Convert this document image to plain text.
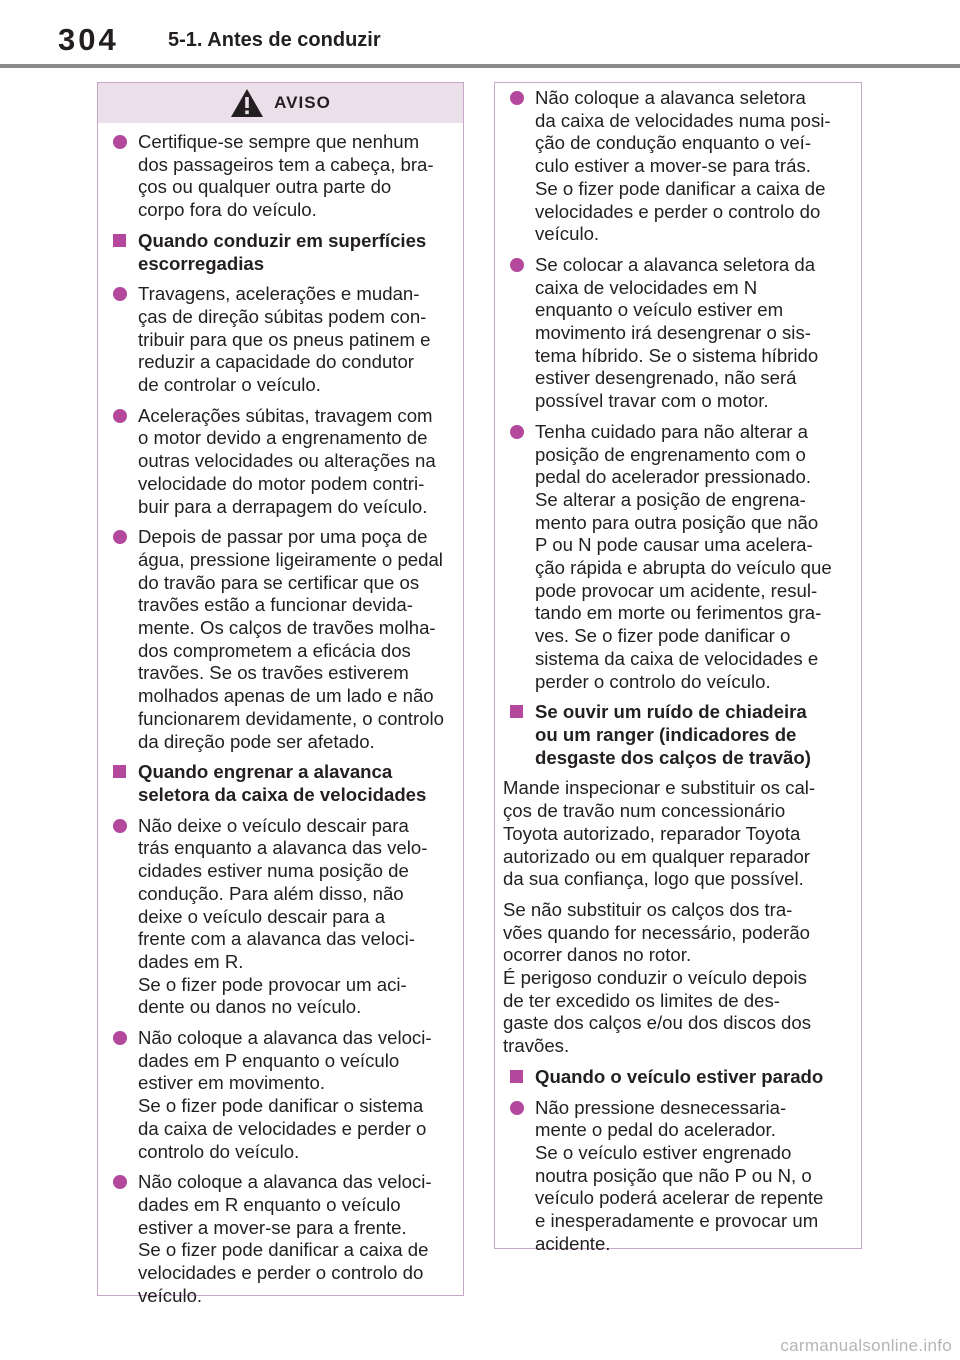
304 5-1. Antes de conduzir
AVISO
Certifique-se sempre que nenhum
dos passageiros tem a cabeça, bra-
ços ou qualquer outra parte do
corpo fora do veículo.
Quando conduzir em superfícies
escorregadias
Travagens, acelerações e mudan-
ças de direção súbitas podem con-
tribuir para que os pneus patinem e
reduzir a capacidade do condutor
de controlar o veículo.
Acelerações súbitas, travagem com
o motor devido a engrenamento de
outras velocidades ou alterações na
velocidade do motor podem contri-
buir para a derrapagem do veículo.
Depois de passar por uma poça de
água, pressione ligeiramente o pedal
do travão para se certificar que os
travões estão a funcionar devida-
mente. Os calços de travões molha-
dos comprometem a eficácia dos
travões. Se os travões estiverem
molhados apenas de um lado e não
funcionarem devidamente, o controlo
da direção pode ser afetado.
Quando engrenar a alavanca
seletora da caixa de velocidades
Não deixe o veículo descair para
trás enquanto a alavanca das velo-
cidades estiver numa posição de
condução. Para além disso, não
deixe o veículo descair para a
frente com a alavanca das veloci-
dades em R.
Se o fizer pode provocar um aci-
dente ou danos no veículo.
Não coloque a alavanca das veloci-
dades em P enquanto o veículo
estiver em movimento.
Se o fizer pode danificar o sistema
da caixa de velocidades e perder o
controlo do veículo.
Não coloque a alavanca das veloci-
dades em R enquanto o veículo
estiver a mover-se para a frente.
Se o fizer pode danificar a caixa de
velocidades e perder o controlo do
veículo.
Não coloque a alavanca seletora
da caixa de velocidades numa posi-
ção de condução enquanto o veí-
culo estiver a mover-se para trás.
Se o fizer pode danificar a caixa de
velocidades e perder o controlo do
veículo.
Se colocar a alavanca seletora da
caixa de velocidades em N
enquanto o veículo estiver em
movimento irá desengrenar o sis-
tema híbrido. Se o sistema híbrido
estiver desengrenado, não será
possível travar com o motor.
Tenha cuidado para não alterar a
posição de engrenamento com o
pedal do acelerador pressionado.
Se alterar a posição de engrena-
mento para outra posição que não
P ou N pode causar uma acelera-
ção rápida e abrupta do veículo que
pode provocar um acidente, resul-
tando em morte ou ferimentos gra-
ves. Se o fizer pode danificar o
sistema da caixa de velocidades e
perder o controlo do veículo.
Se ouvir um ruído de chiadeira
ou um ranger (indicadores de
desgaste dos calços de travão)
Mande inspecionar e substituir os cal-
ços de travão num concessionário
Toyota autorizado, reparador Toyota
autorizado ou em qualquer reparador
da sua confiança, logo que possível.
Se não substituir os calços dos tra-
vões quando for necessário, poderão
ocorrer danos no rotor.
É perigoso conduzir o veículo depois
de ter excedido os limites de des-
gaste dos calços e/ou dos discos dos
travões.
Quando o veículo estiver parado
Não pressione desnecessaria-
mente o pedal do acelerador.
Se o veículo estiver engrenado
noutra posição que não P ou N, o
veículo poderá acelerar de repente
e inesperadamente e provocar um
acidente.
carmanualsonline.info
